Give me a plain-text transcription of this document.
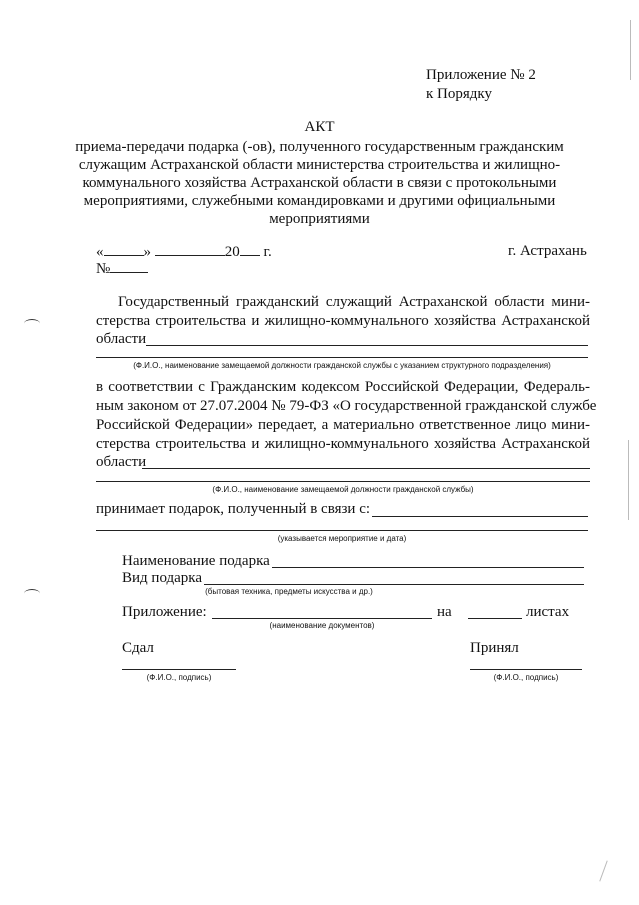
Приложение № 2
к Порядку
АКТ
приема-передачи подарка (-ов), полученного государственным гражданским
служащим Астраханской области министерства строительства и жилищно-
коммунального хозяйства Астраханской области в связи с протокольными
мероприятиями, служебными командировками и другими официальными
мероприятиями
«	»	20 г.	г. Астрахань
№
Государственный гражданский служащий Астраханской области мини-
стерства строительства и жилищно-коммунального хозяйства Астраханской
области
(Ф.И.О., наименование замещаемой должности гражданской службы с указанием структурного подразделения)
в соответствии с Гражданским кодексом Российской Федерации, Федераль-
ным законом от 27.07.2004 № 79-ФЗ «О государственной гражданской службе
Российской Федерации» передает, а материально ответственное лицо мини-
стерства строительства и жилищно-коммунального хозяйства Астраханской
области
(Ф.И.О., наименование замещаемой должности гражданской службы)
принимает подарок, полученный в связи с:
(указывается мероприятие и дата)
Наименование подарка
Вид подарка
(бытовая техника, предметы искусства и др.)
Приложение:	на	листах
(наименование документов)
Сдал	Принял
(Ф.И.О., подпись)	(Ф.И.О., подпись)
